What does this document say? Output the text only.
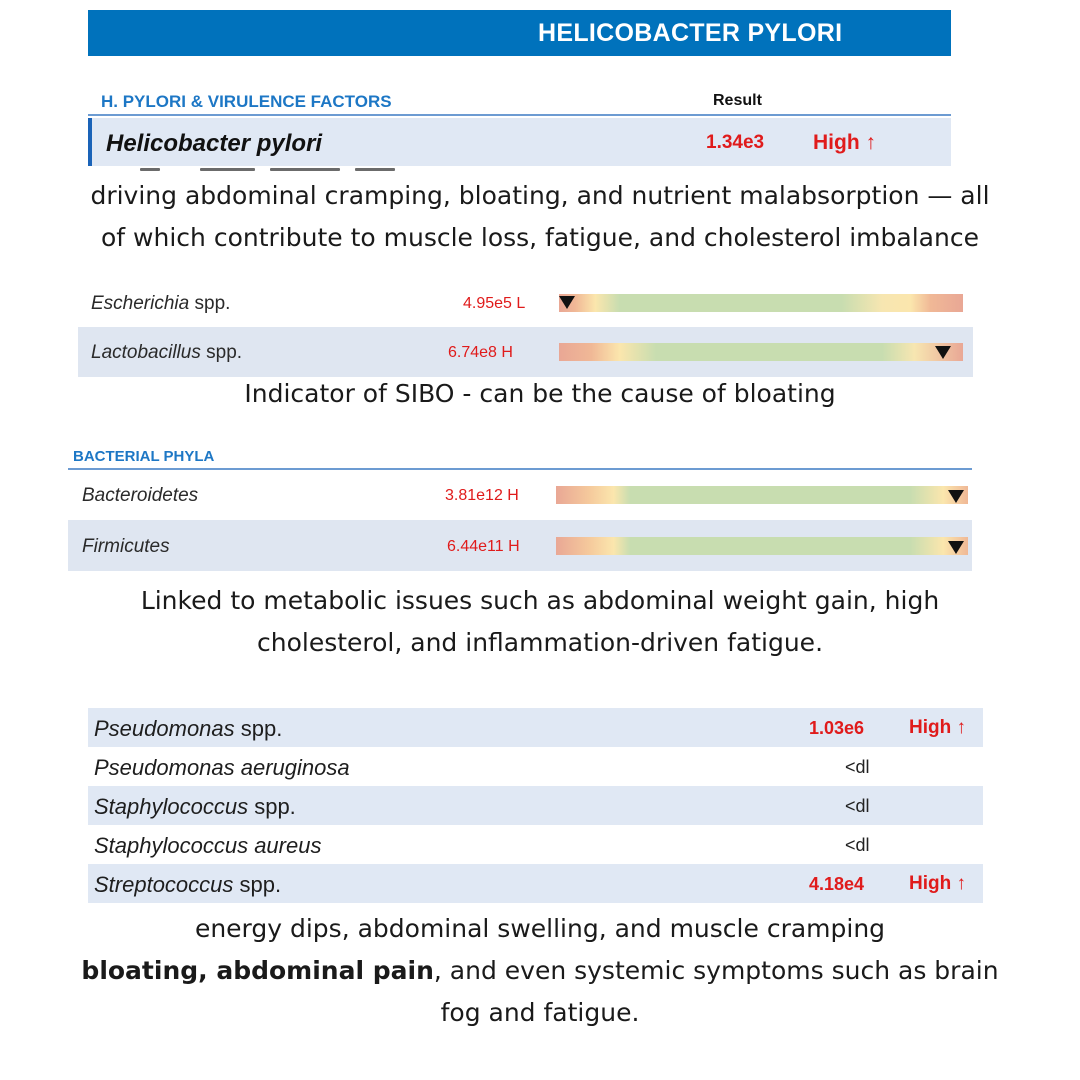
HELICOBACTER PYLORI
H. PYLORI & VIRULENCE FACTORS	Result
Helicobacter pylori	1.34e3 High ↑
driving abdominal cramping, bloating, and nutrient malabsorption — all
of which contribute to muscle loss, fatigue, and cholesterol imbalance
Escherichia spp.	4.95e5 L
Lactobacillus spp.	6.74e8 H
Indicator of SIBO - can be the cause of bloating
BACTERIAL PHYLA
Bacteroidetes	3.81e12 H
Firmicutes	6.44e11 H
Linked to metabolic issues such as abdominal weight gain, high
cholesterol, and inflammation-driven fatigue.
Pseudomonas spp.	1.03e6 High ↑
Pseudomonas aeruginosa	<dl
Staphylococcus spp.	<dl
Staphylococcus aureus	<dl
Streptococcus spp.	4.18e4 High ↑
energy dips, abdominal swelling, and muscle cramping
bloating, abdominal pain, and even systemic symptoms such as brain
fog and fatigue.
